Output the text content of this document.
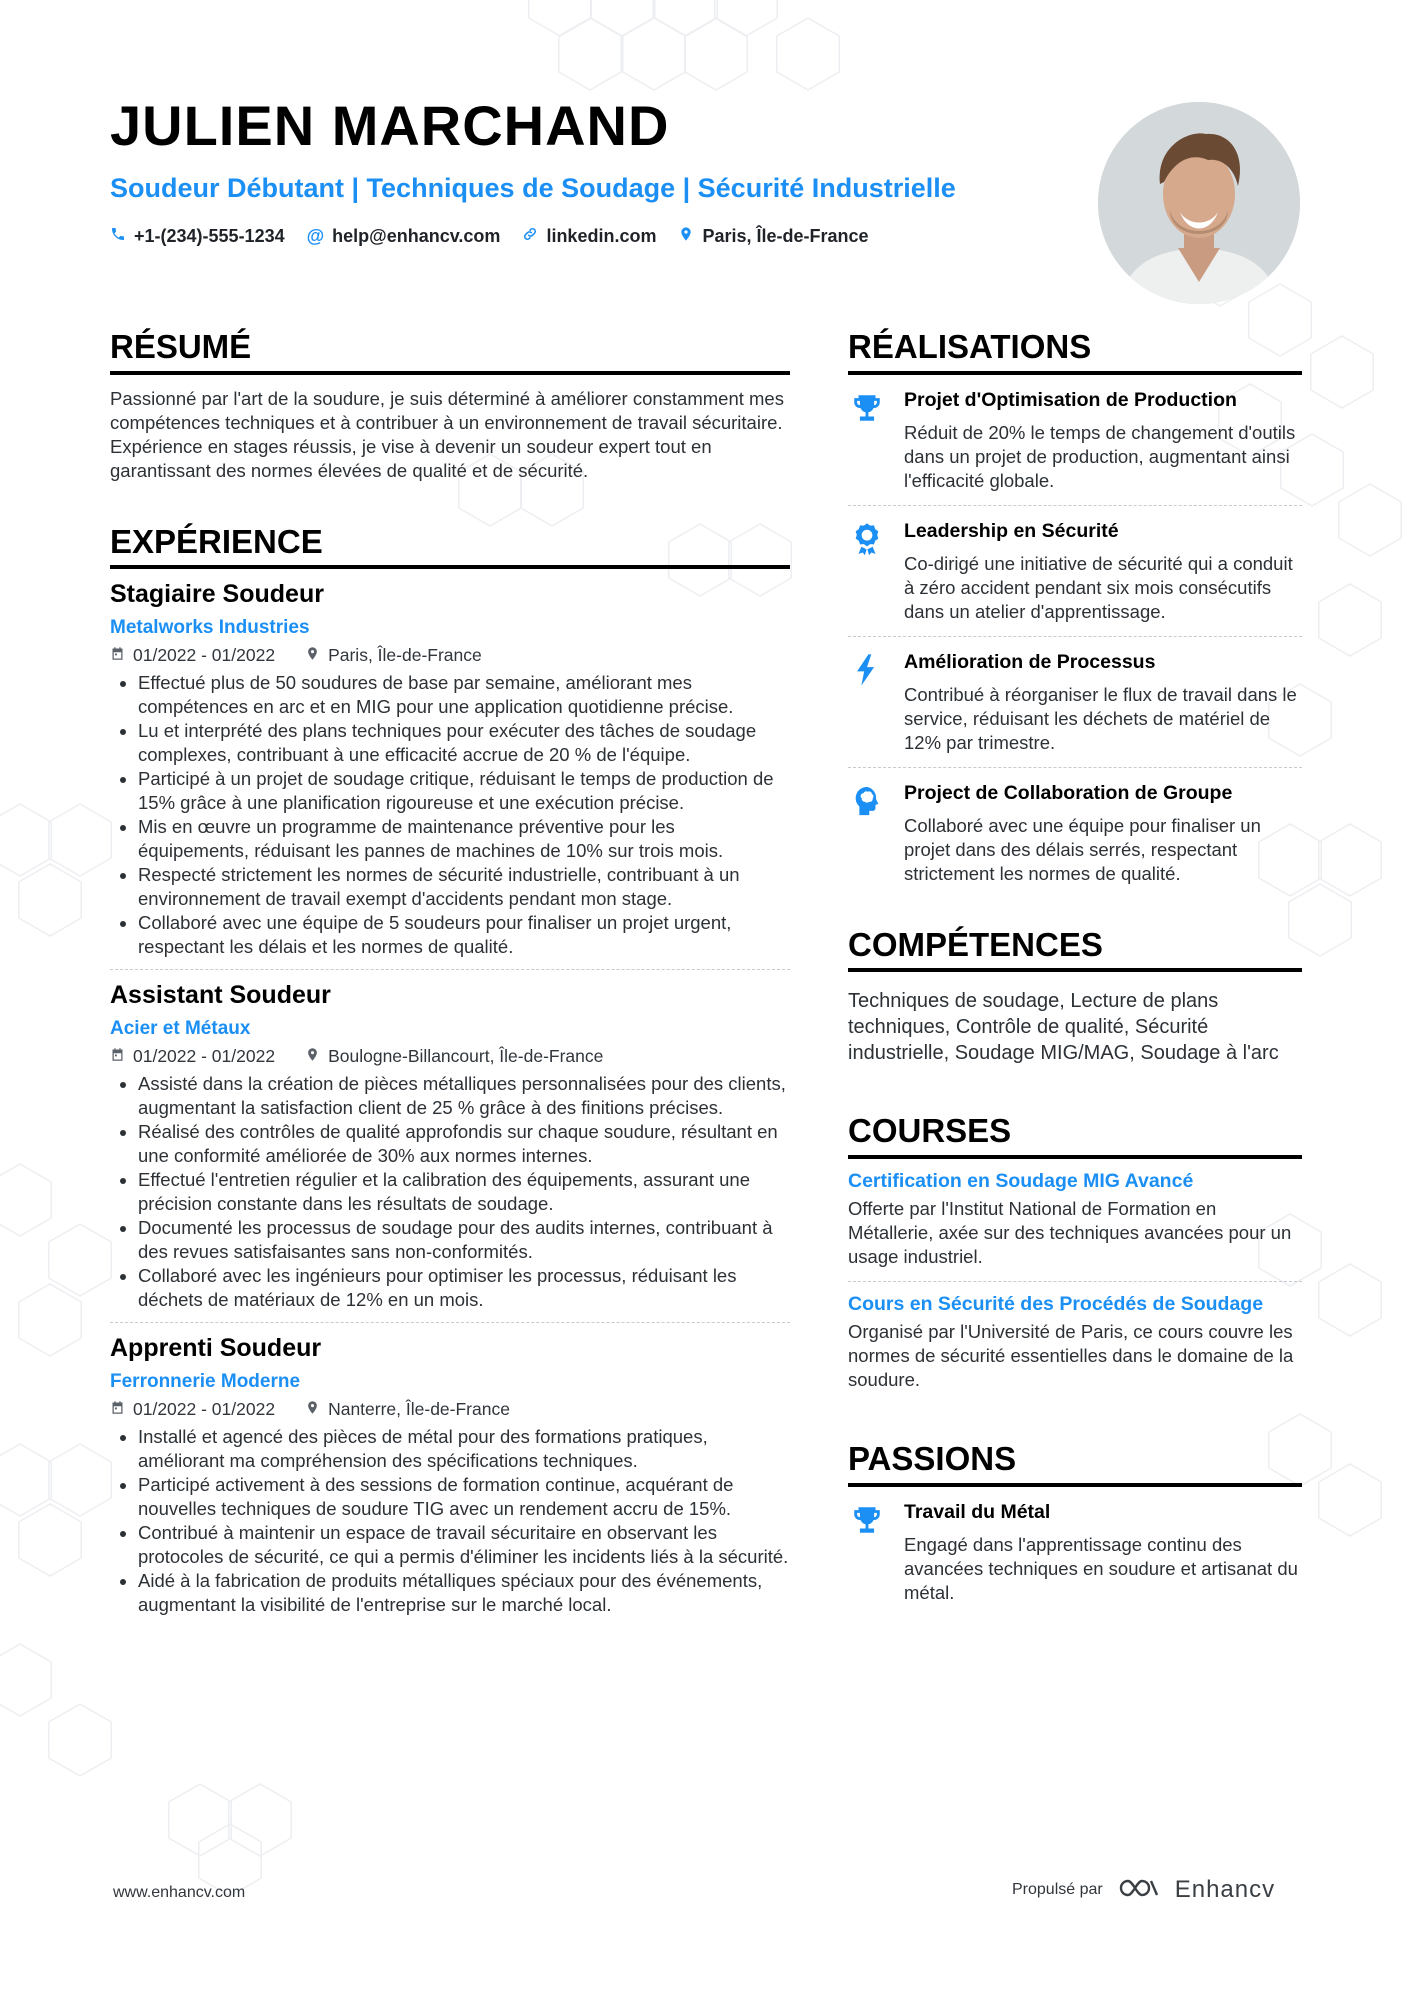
JULIEN MARCHAND
Soudeur Débutant | Techniques de Soudage | Sécurité Industrielle
+1-(234)-555-1234 @ help@enhancv.com	linkedin.com	Paris, Île-de-France
RÉSUMÉ
Passionné par l'art de la soudure, je suis déterminé à améliorer constamment mes compétences techniques et à contribuer à un environnement de travail sécuritaire. Expérience en stages réussis, je vise à devenir un soudeur expert tout en garantissant des normes élevées de qualité et de sécurité.
EXPÉRIENCE
Stagiaire Soudeur
Metalworks Industries
01/2022 - 01/2022	Paris, Île-de-France
• Effectué plus de 50 soudures de base par semaine, améliorant mes compétences en arc et en MIG pour une application quotidienne précise.
• Lu et interprété des plans techniques pour exécuter des tâches de soudage complexes, contribuant à une efficacité accrue de 20 % de l'équipe.
• Participé à un projet de soudage critique, réduisant le temps de production de 15% grâce à une planification rigoureuse et une exécution précise.
• Mis en œuvre un programme de maintenance préventive pour les équipements, réduisant les pannes de machines de 10% sur trois mois.
• Respecté strictement les normes de sécurité industrielle, contribuant à un environnement de travail exempt d'accidents pendant mon stage.
• Collaboré avec une équipe de 5 soudeurs pour finaliser un projet urgent, respectant les délais et les normes de qualité.
Assistant Soudeur
Acier et Métaux
01/2022 - 01/2022	Boulogne-Billancourt, Île-de-France
• Assisté dans la création de pièces métalliques personnalisées pour des clients, augmentant la satisfaction client de 25 % grâce à des finitions précises.
• Réalisé des contrôles de qualité approfondis sur chaque soudure, résultant en une conformité améliorée de 30% aux normes internes.
• Effectué l'entretien régulier et la calibration des équipements, assurant une précision constante dans les résultats de soudage.
• Documenté les processus de soudage pour des audits internes, contribuant à des revues satisfaisantes sans non-conformités.
• Collaboré avec les ingénieurs pour optimiser les processus, réduisant les déchets de matériaux de 12% en un mois.
Apprenti Soudeur
Ferronnerie Moderne
01/2022 - 01/2022	Nanterre, Île-de-France
• Installé et agencé des pièces de métal pour des formations pratiques, améliorant ma compréhension des spécifications techniques.
• Participé activement à des sessions de formation continue, acquérant de nouvelles techniques de soudure TIG avec un rendement accru de 15%.
• Contribué à maintenir un espace de travail sécuritaire en observant les protocoles de sécurité, ce qui a permis d'éliminer les incidents liés à la sécurité.
• Aidé à la fabrication de produits métalliques spéciaux pour des événements, augmentant la visibilité de l'entreprise sur le marché local.
RÉALISATIONS
Projet d'Optimisation de Production
Réduit de 20% le temps de changement d'outils dans un projet de production, augmentant ainsi l'efficacité globale.
Leadership en Sécurité
Co-dirigé une initiative de sécurité qui a conduit à zéro accident pendant six mois consécutifs dans un atelier d'apprentissage.
Amélioration de Processus
Contribué à réorganiser le flux de travail dans le service, réduisant les déchets de matériel de 12% par trimestre.
Project de Collaboration de Groupe
Collaboré avec une équipe pour finaliser un projet dans des délais serrés, respectant strictement les normes de qualité.
COMPÉTENCES
Techniques de soudage, Lecture de plans techniques, Contrôle de qualité, Sécurité industrielle, Soudage MIG/MAG, Soudage à l'arc
COURSES
Certification en Soudage MIG Avancé
Offerte par l'Institut National de Formation en Métallerie, axée sur des techniques avancées pour un usage industriel.
Cours en Sécurité des Procédés de Soudage
Organisé par l'Université de Paris, ce cours couvre les normes de sécurité essentielles dans le domaine de la soudure.
PASSIONS
Travail du Métal
Engagé dans l'apprentissage continu des avancées techniques en soudure et artisanat du métal.
www.enhancv.com	Propulsé par	Enhancv
